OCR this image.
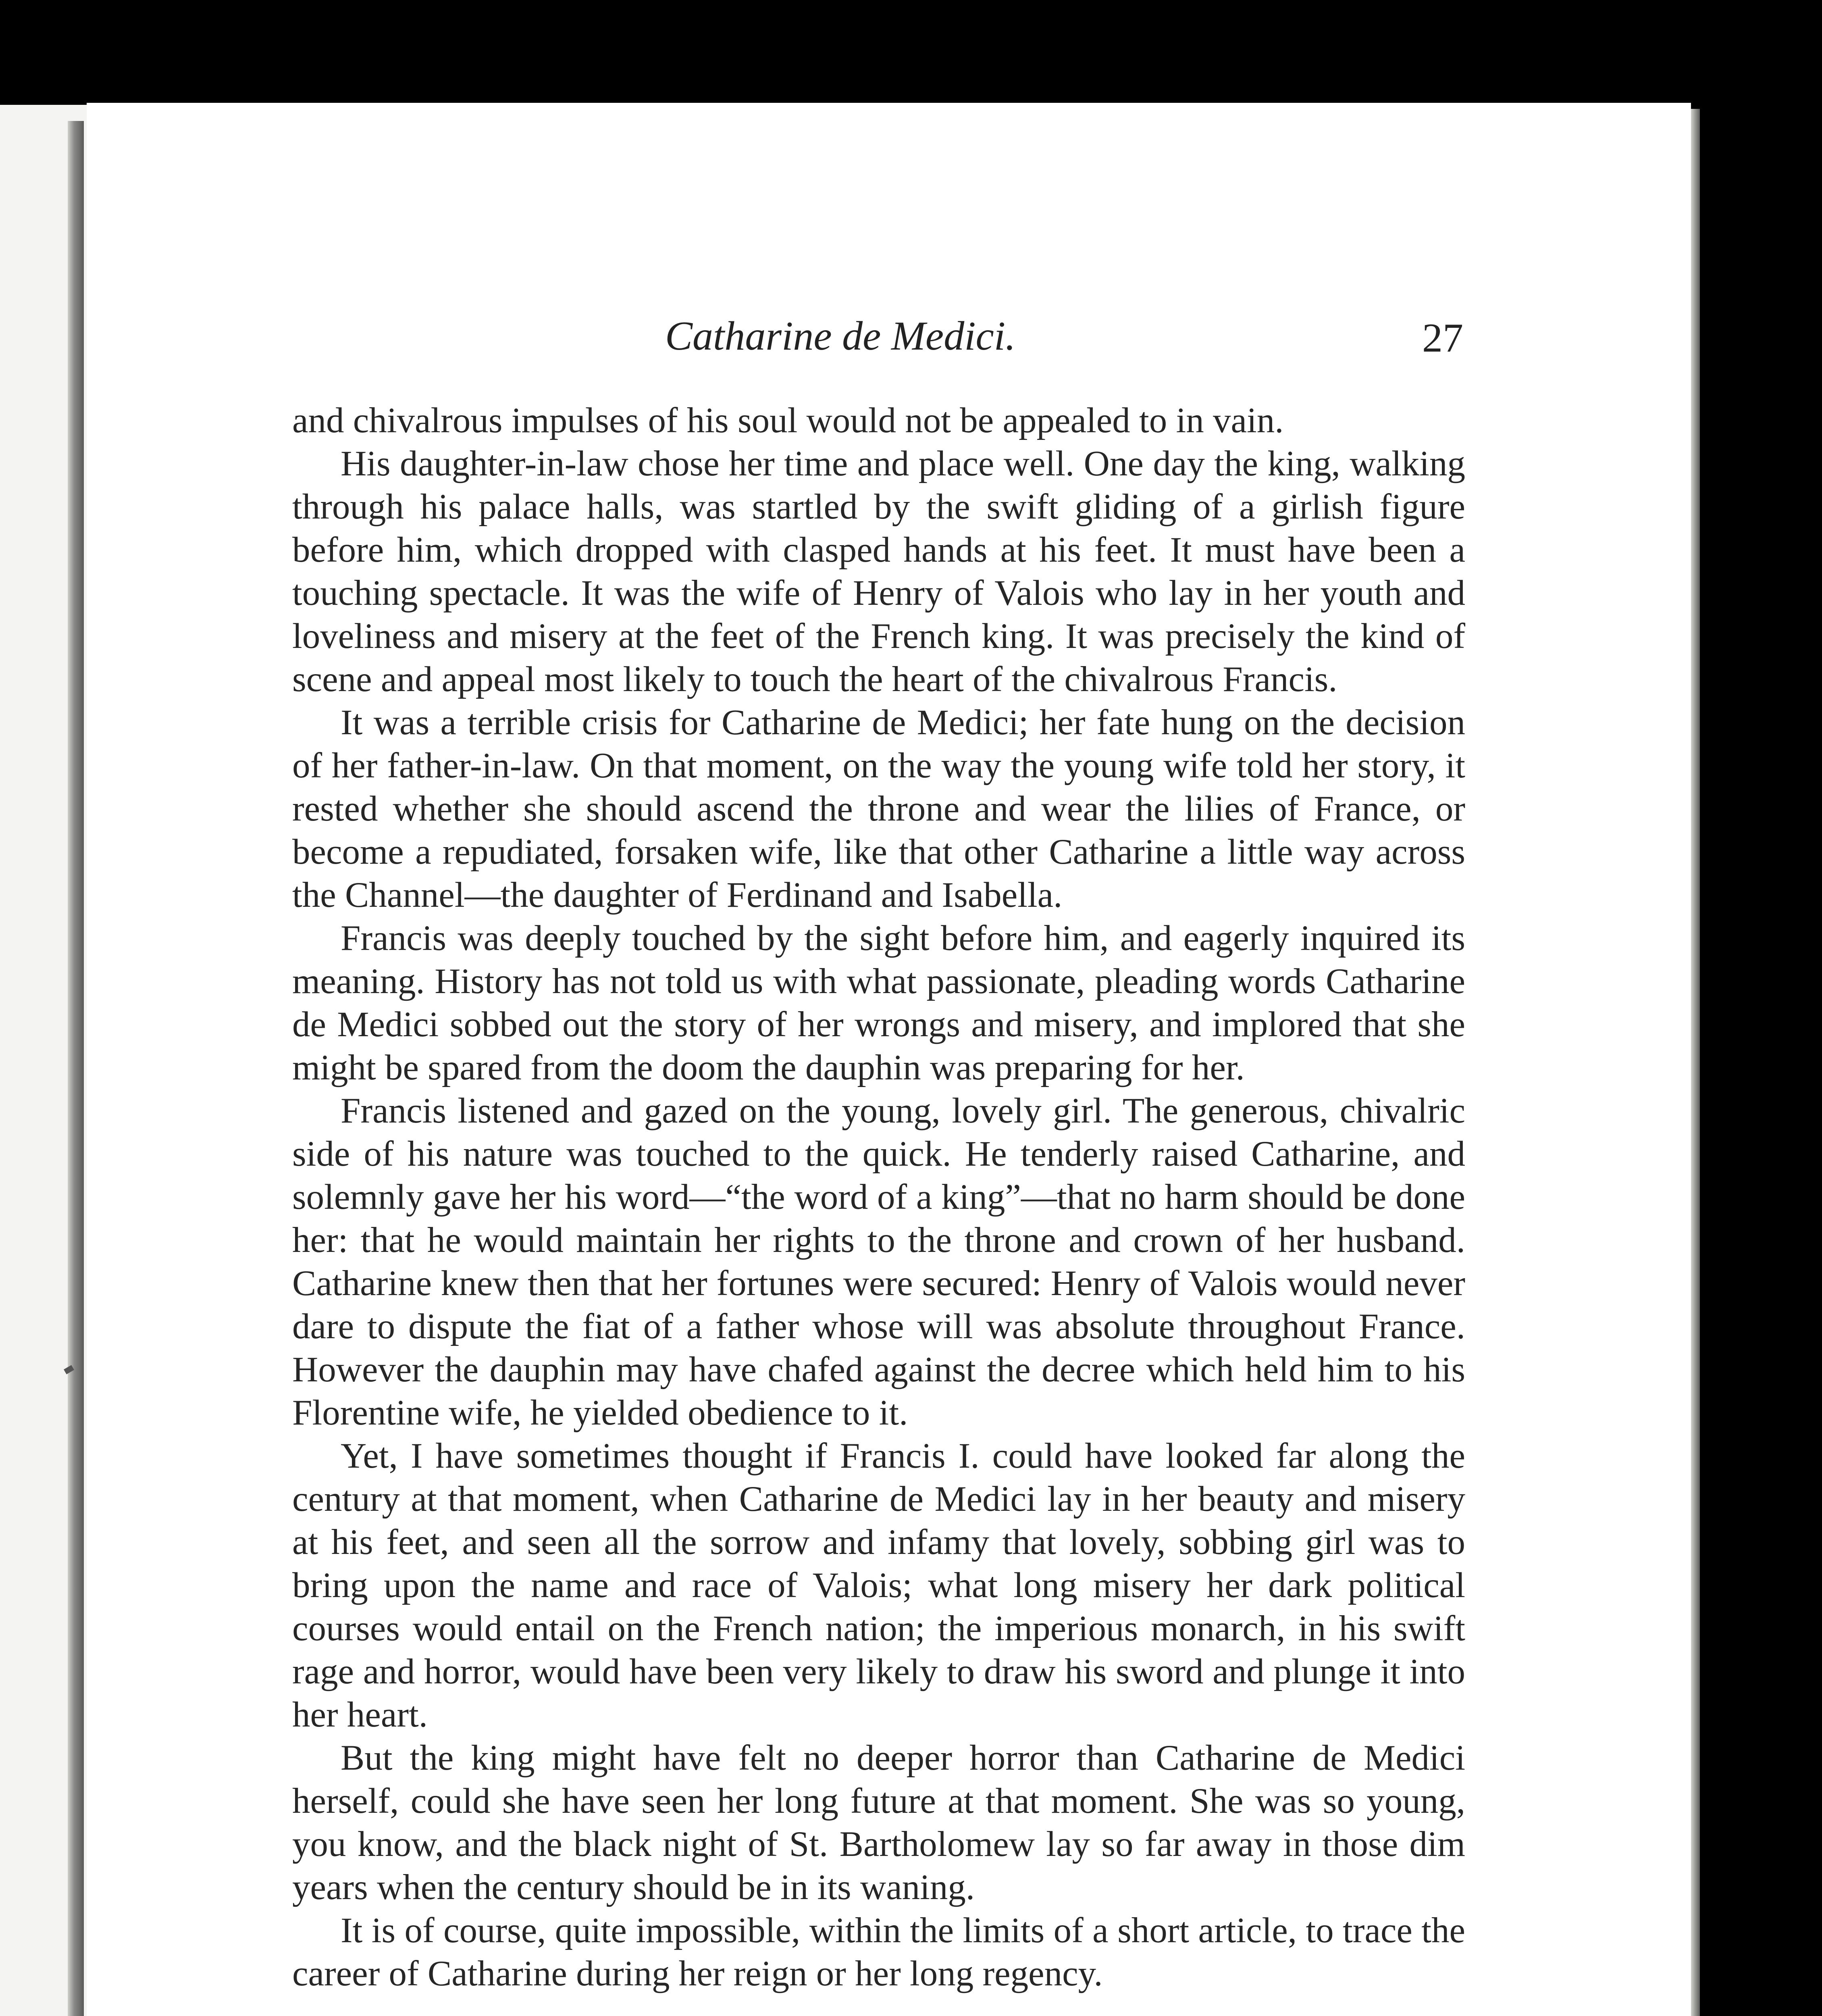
Catharine de Medici.	27

and chivalrous impulses of his soul would not be appealed to in vain.

His daughter-in-law chose her time and place well. One day the king, walking through his palace halls, was startled by the swift gliding of a girlish figure before him, which dropped with clasped hands at his feet. It must have been a touching spectacle. It was the wife of Henry of Valois who lay in her youth and loveliness and misery at the feet of the French king. It was precisely the kind of scene and appeal most likely to touch the heart of the chivalrous Francis.

It was a terrible crisis for Catharine de Medici; her fate hung on the decision of her father-in-law. On that moment, on the way the young wife told her story, it rested whether she should ascend the throne and wear the lilies of France, or become a repudiated, forsaken wife, like that other Catharine a little way across the Channel—the daughter of Ferdinand and Isabella.

Francis was deeply touched by the sight before him, and eagerly inquired its meaning. History has not told us with what passionate, pleading words Catharine de Medici sobbed out the story of her wrongs and misery, and implored that she might be spared from the doom the dauphin was preparing for her.

Francis listened and gazed on the young, lovely girl. The generous, chivalric side of his nature was touched to the quick. He tenderly raised Catharine, and solemnly gave her his word—“the word of a king”—that no harm should be done her: that he would maintain her rights to the throne and crown of her husband. Catharine knew then that her fortunes were secured: Henry of Valois would never dare to dispute the fiat of a father whose will was absolute throughout France. However the dauphin may have chafed against the decree which held him to his Florentine wife, he yielded obedience to it.

Yet, I have sometimes thought if Francis I. could have looked far along the century at that moment, when Catharine de Medici lay in her beauty and misery at his feet, and seen all the sorrow and infamy that lovely, sobbing girl was to bring upon the name and race of Valois; what long misery her dark political courses would entail on the French nation; the imperious monarch, in his swift rage and horror, would have been very likely to draw his sword and plunge it into her heart.

But the king might have felt no deeper horror than Catharine de Medici herself, could she have seen her long future at that moment. She was so young, you know, and the black night of St. Bartholomew lay so far away in those dim years when the century should be in its waning.

It is of course, quite impossible, within the limits of a short article, to trace the career of Catharine during her reign or her long regency.
